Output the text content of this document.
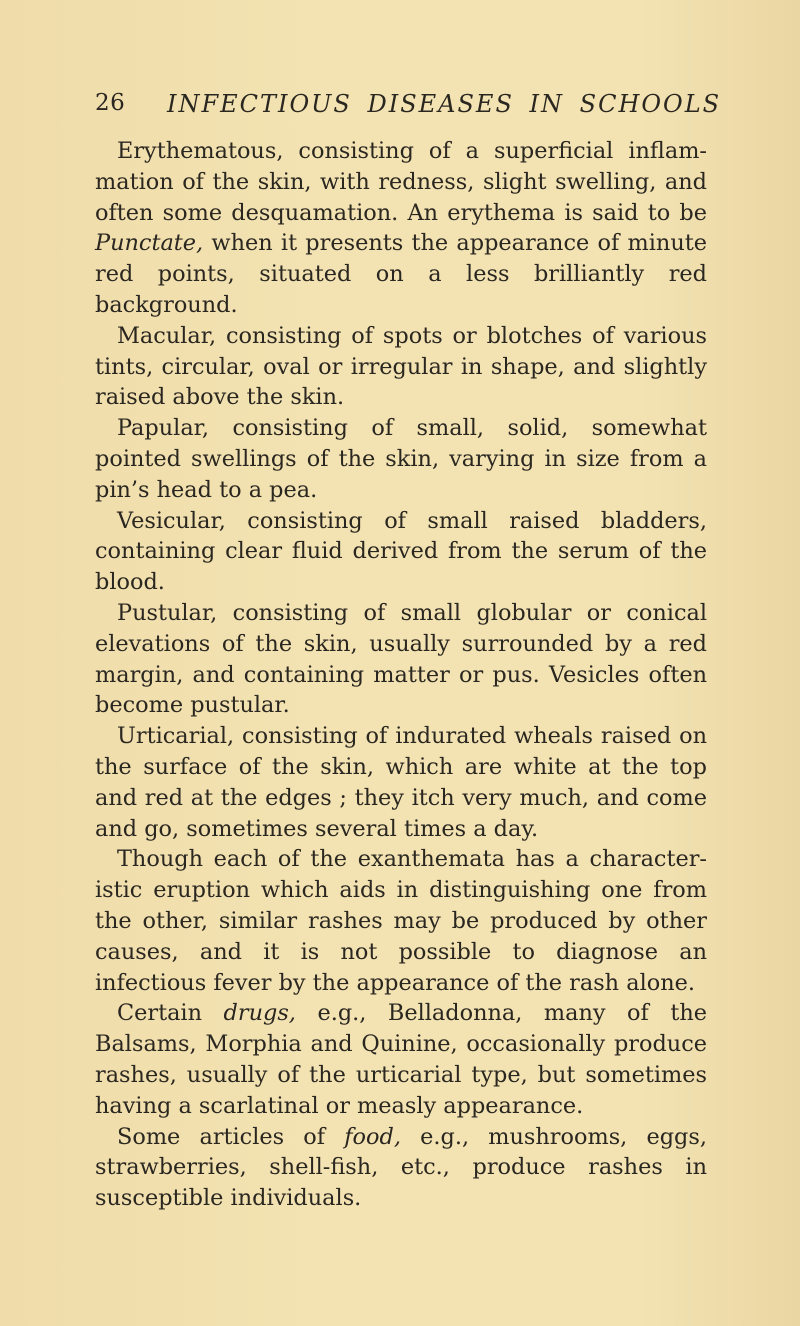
26 INFECTIOUS DISEASES IN SCHOOLS

Erythematous, consisting of a superficial inflammation of the skin, with redness, slight swelling, and often some desquamation. An erythema is said to be Punctate, when it presents the appearance of minute red points, situated on a less brilliantly red background.

Macular, consisting of spots or blotches of various tints, circular, oval or irregular in shape, and slightly raised above the skin.

Papular, consisting of small, solid, somewhat pointed swellings of the skin, varying in size from a pin’s head to a pea.

Vesicular, consisting of small raised bladders, containing clear fluid derived from the serum of the blood.

Pustular, consisting of small globular or conical elevations of the skin, usually surrounded by a red margin, and containing matter or pus. Vesicles often become pustular.

Urticarial, consisting of indurated wheals raised on the surface of the skin, which are white at the top and red at the edges ; they itch very much, and come and go, sometimes several times a day.

Though each of the exanthemata has a characteristic eruption which aids in distinguishing one from the other, similar rashes may be produced by other causes, and it is not possible to diagnose an infectious fever by the appearance of the rash alone.

Certain drugs, e.g., Belladonna, many of the Balsams, Morphia and Quinine, occasionally produce rashes, usually of the urticarial type, but sometimes having a scarlatinal or measly appearance.

Some articles of food, e.g., mushrooms, eggs, strawberries, shell-fish, etc., produce rashes in susceptible individuals.
